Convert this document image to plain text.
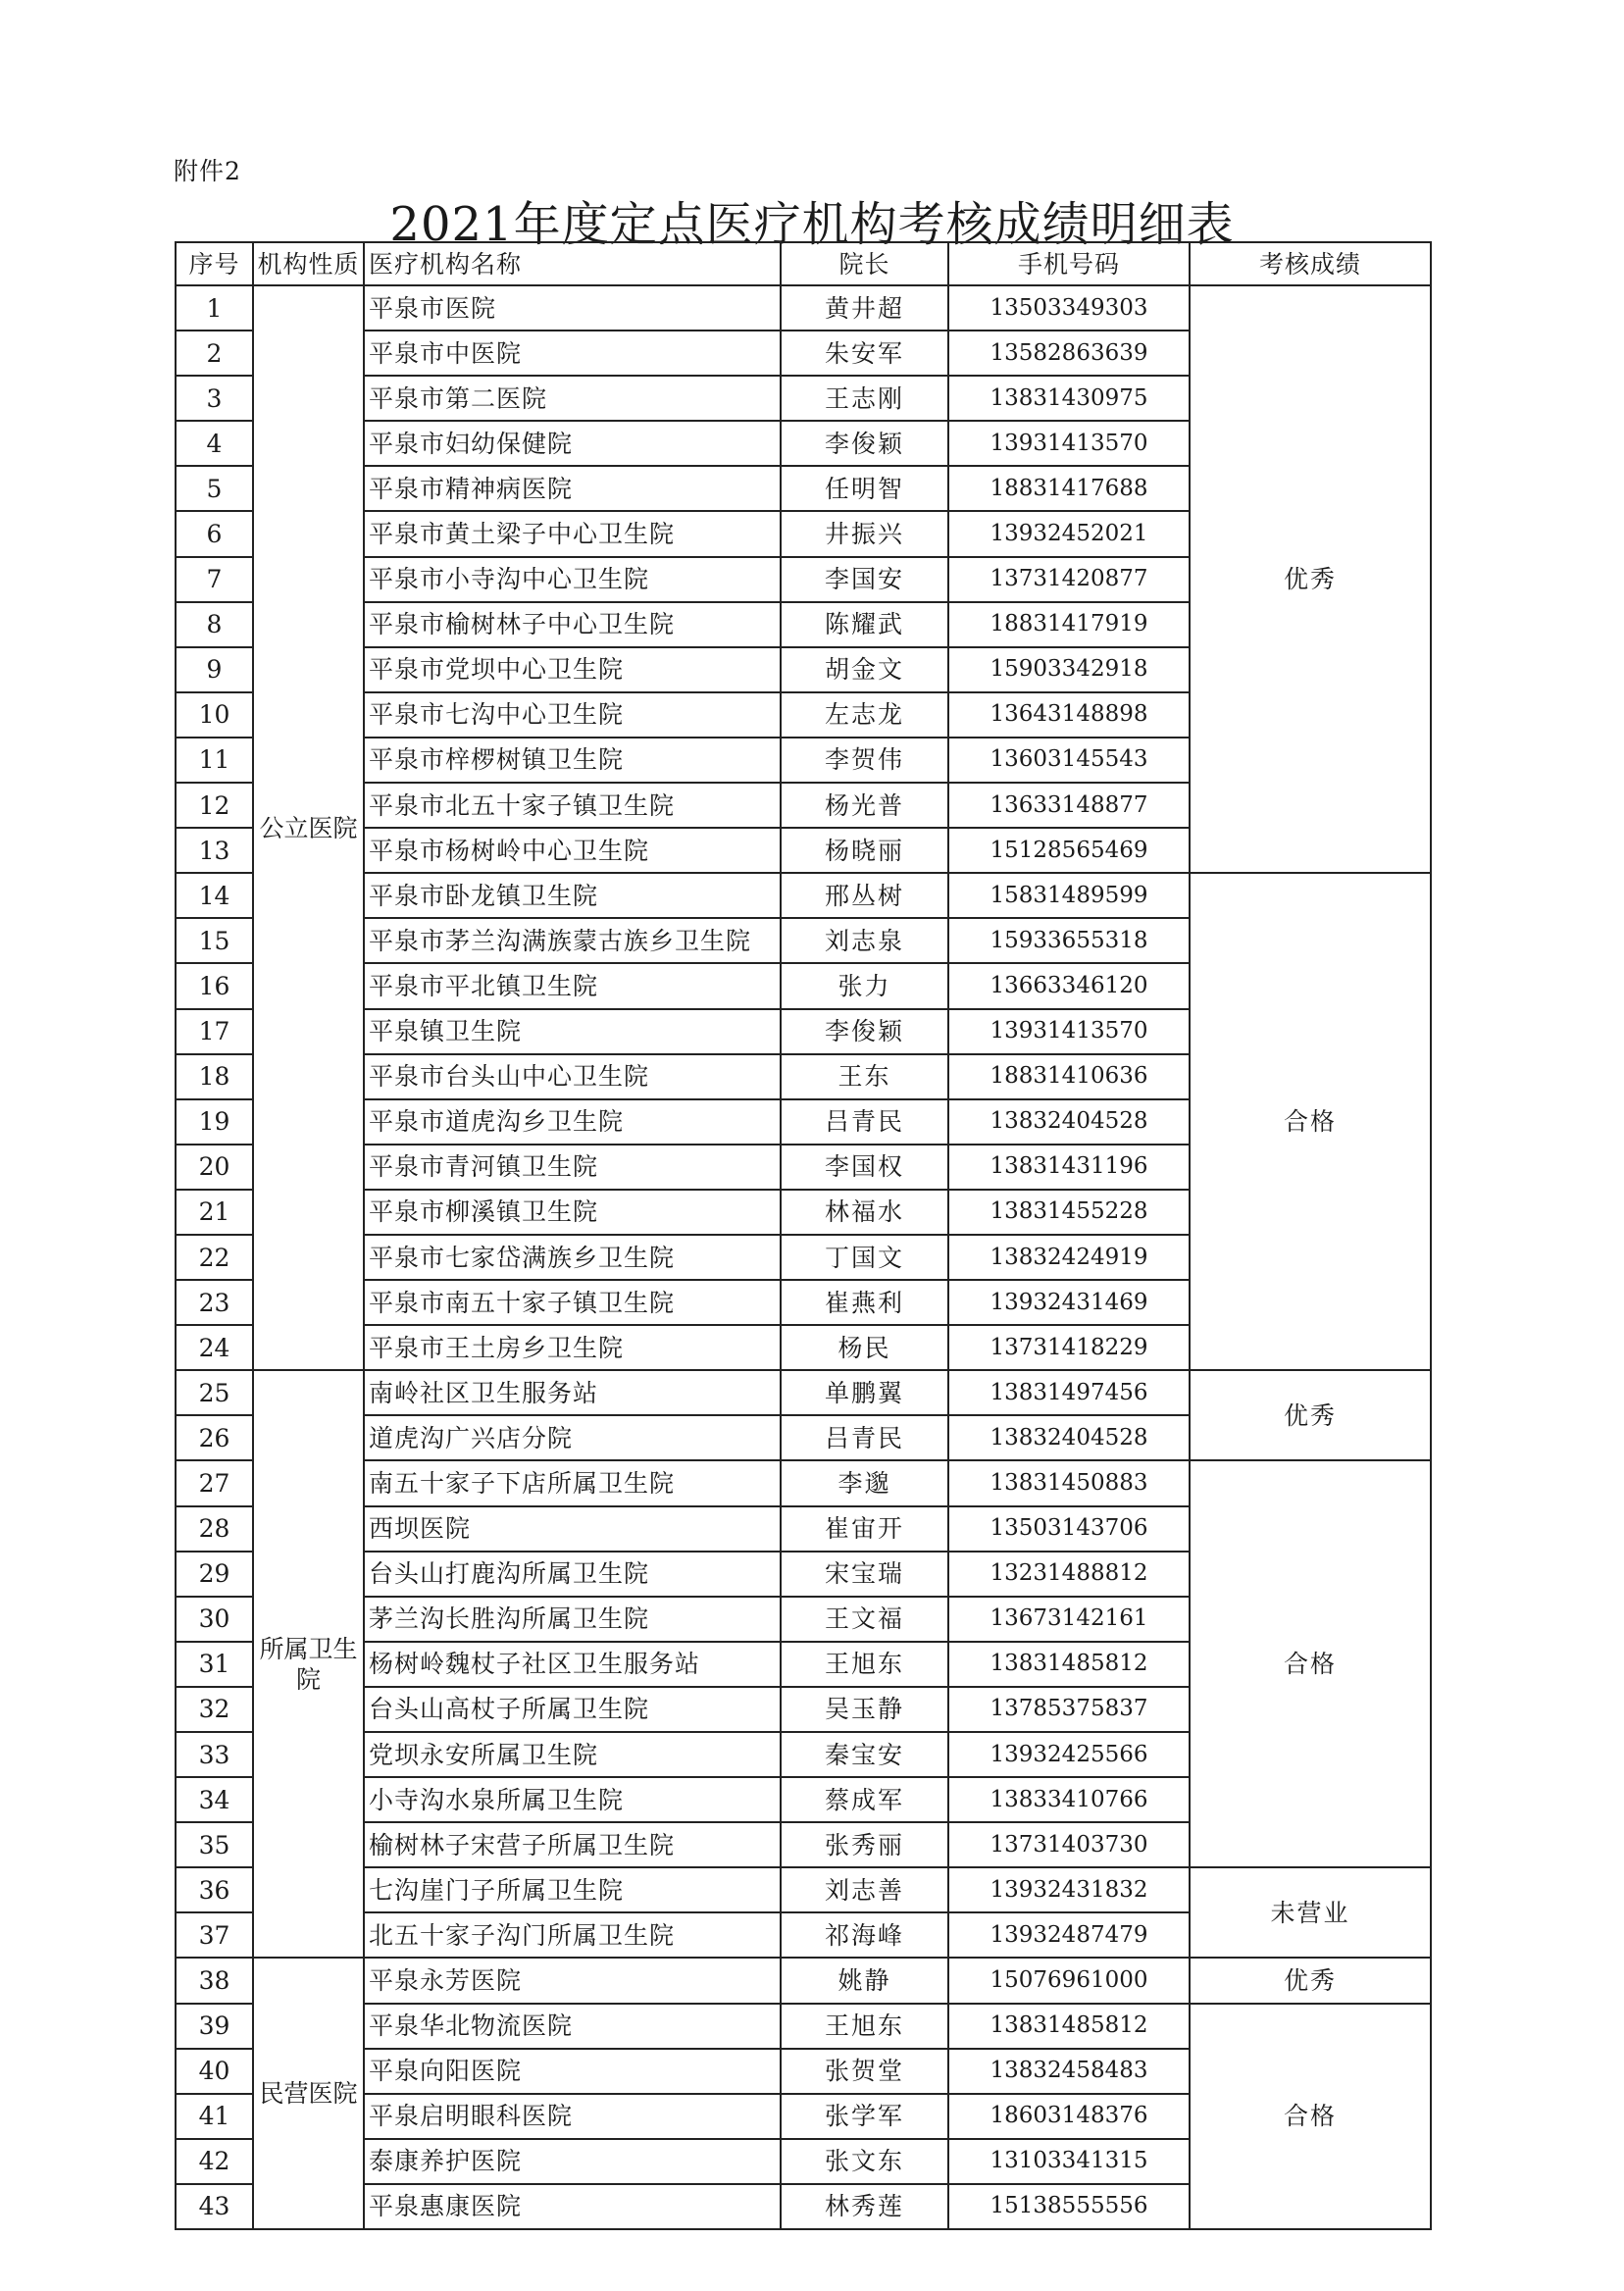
附件2
2021年度定点医疗机构考核成绩明细表
序号	机构性质	医疗机构名称	院长	手机号码	考核成绩
1	公立医院	平泉市医院	黄井超	13503349303	优秀
2		平泉市中医院	朱安军	13582863639	
3		平泉市第二医院	王志刚	13831430975	
4		平泉市妇幼保健院	李俊颖	13931413570	
5		平泉市精神病医院	任明智	18831417688	
6		平泉市黄土梁子中心卫生院	井振兴	13932452021	
7		平泉市小寺沟中心卫生院	李国安	13731420877	
8		平泉市榆树林子中心卫生院	陈耀武	18831417919	
9		平泉市党坝中心卫生院	胡金文	15903342918	
10		平泉市七沟中心卫生院	左志龙	13643148898	
11		平泉市梓椤树镇卫生院	李贺伟	13603145543	
12		平泉市北五十家子镇卫生院	杨光普	13633148877	
13		平泉市杨树岭中心卫生院	杨晓丽	15128565469	
14		平泉市卧龙镇卫生院	邢丛树	15831489599	合格
15		平泉市茅兰沟满族蒙古族乡卫生院	刘志泉	15933655318	
16		平泉市平北镇卫生院	张力	13663346120	
17		平泉镇卫生院	李俊颖	13931413570	
18		平泉市台头山中心卫生院	王东	18831410636	
19		平泉市道虎沟乡卫生院	吕青民	13832404528	
20		平泉市青河镇卫生院	李国权	13831431196	
21		平泉市柳溪镇卫生院	林福水	13831455228	
22		平泉市七家岱满族乡卫生院	丁国文	13832424919	
23		平泉市南五十家子镇卫生院	崔燕利	13932431469	
24		平泉市王土房乡卫生院	杨民	13731418229	
25	所属卫生院	南岭社区卫生服务站	单鹏翼	13831497456	优秀
26		道虎沟广兴店分院	吕青民	13832404528	
27		南五十家子下店所属卫生院	李邈	13831450883	合格
28		西坝医院	崔宙开	13503143706	
29		台头山打鹿沟所属卫生院	宋宝瑞	13231488812	
30		茅兰沟长胜沟所属卫生院	王文福	13673142161	
31		杨树岭魏杖子社区卫生服务站	王旭东	13831485812	
32		台头山高杖子所属卫生院	吴玉静	13785375837	
33		党坝永安所属卫生院	秦宝安	13932425566	
34		小寺沟水泉所属卫生院	蔡成军	13833410766	
35		榆树林子宋营子所属卫生院	张秀丽	13731403730	
36		七沟崖门子所属卫生院	刘志善	13932431832	未营业
37		北五十家子沟门所属卫生院	祁海峰	13932487479	
38	民营医院	平泉永芳医院	姚静	15076961000	优秀
39		平泉华北物流医院	王旭东	13831485812	合格
40		平泉向阳医院	张贺堂	13832458483	
41		平泉启明眼科医院	张学军	18603148376	
42		泰康养护医院	张文东	13103341315	
43		平泉惠康医院	林秀莲	15138555556	
